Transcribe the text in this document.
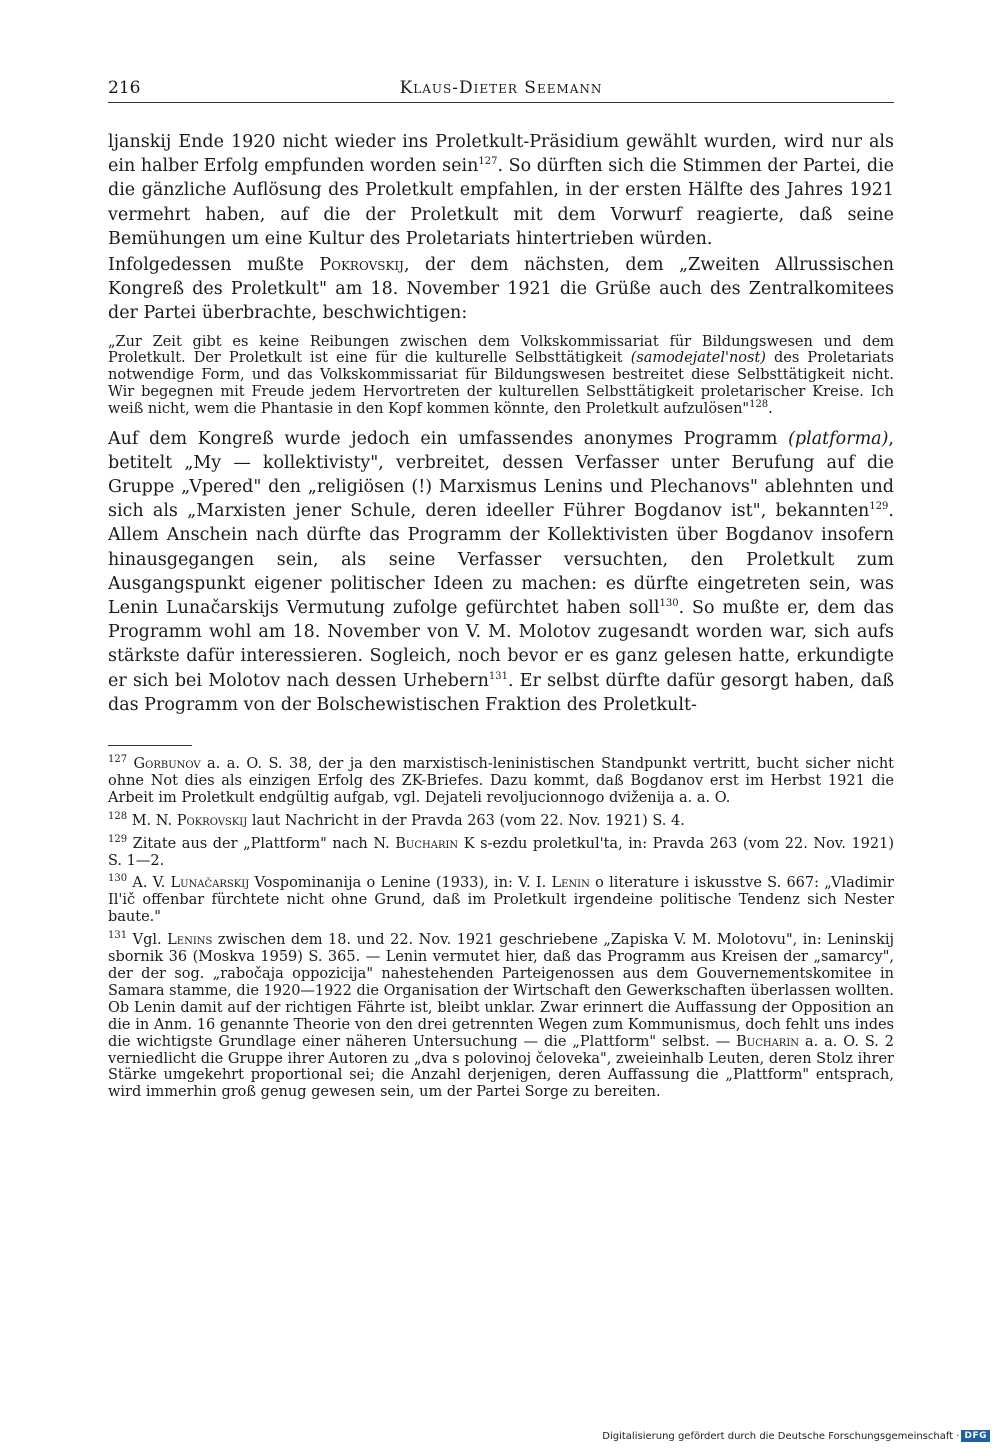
216	Klaus-Dieter Seemann

ljanskij Ende 1920 nicht wieder ins Proletkult-Präsidium gewählt wurden, wird nur als ein halber Erfolg empfunden worden sein$^{127}$. So dürften sich die Stimmen der Partei, die die gänzliche Auflösung des Proletkult empfahlen, in der ersten Hälfte des Jahres 1921 vermehrt haben, auf die der Proletkult mit dem Vorwurf reagierte, daß seine Bemühungen um eine Kultur des Proletariats hintertrieben würden.

Infolgedessen mußte Pokrovskij, der dem nächsten, dem „Zweiten Allrussischen Kongreß des Proletkult" am 18. November 1921 die Grüße auch des Zentralkomitees der Partei überbrachte, beschwichtigen:

„Zur Zeit gibt es keine Reibungen zwischen dem Volkskommissariat für Bildungswesen und dem Proletkult. Der Proletkult ist eine für die kulturelle Selbsttätigkeit (samodejatel'nost) des Proletariats notwendige Form, und das Volkskommissariat für Bildungswesen bestreitet diese Selbsttätigkeit nicht. Wir begegnen mit Freude jedem Hervortreten der kulturellen Selbsttätigkeit proletarischer Kreise. Ich weiß nicht, wem die Phantasie in den Kopf kommen könnte, den Proletkult aufzulösen"$^{128}$.

Auf dem Kongreß wurde jedoch ein umfassendes anonymes Programm (platforma), betitelt „My — kollektivisty", verbreitet, dessen Verfasser unter Berufung auf die Gruppe „Vpered" den „religiösen (!) Marxismus Lenins und Plechanovs" ablehnten und sich als „Marxisten jener Schule, deren ideeller Führer Bogdanov ist", bekannten$^{129}$. Allem Anschein nach dürfte das Programm der Kollektivisten über Bogdanov insofern hinausgegangen sein, als seine Verfasser versuchten, den Proletkult zum Ausgangspunkt eigener politischer Ideen zu machen: es dürfte eingetreten sein, was Lenin Lunačarskijs Vermutung zufolge gefürchtet haben soll$^{130}$. So mußte er, dem das Programm wohl am 18. November von V. M. Molotov zugesandt worden war, sich aufs stärkste dafür interessieren. Sogleich, noch bevor er es ganz gelesen hatte, erkundigte er sich bei Molotov nach dessen Urhebern$^{131}$. Er selbst dürfte dafür gesorgt haben, daß das Programm von der Bolschewistischen Fraktion des Proletkult-

$^{127}$ Gorbunov a. a. O. S. 38, der ja den marxistisch-leninistischen Standpunkt vertritt, bucht sicher nicht ohne Not dies als einzigen Erfolg des ZK-Briefes. Dazu kommt, daß Bogdanov erst im Herbst 1921 die Arbeit im Proletkult endgültig aufgab, vgl. Dejateli revoljucionnogo dviženija a. a. O.

$^{128}$ M. N. Pokrovskij laut Nachricht in der Pravda 263 (vom 22. Nov. 1921) S. 4.

$^{129}$ Zitate aus der „Plattform" nach N. Bucharin K s-ezdu proletkul'ta, in: Pravda 263 (vom 22. Nov. 1921) S. 1—2.

$^{130}$ A. V. Lunačarskij Vospominanija o Lenine (1933), in: V. I. Lenin o literature i iskusstve S. 667: „Vladimir Il'ič offenbar fürchtete nicht ohne Grund, daß im Proletkult irgendeine politische Tendenz sich Nester baute."

$^{131}$ Vgl. Lenins zwischen dem 18. und 22. Nov. 1921 geschriebene „Zapiska V. M. Molotovu", in: Leninskij sbornik 36 (Moskva 1959) S. 365. — Lenin vermutet hier, daß das Programm aus Kreisen der „samarcy", der der sog. „rabočaja oppozicija" nahestehenden Parteigenossen aus dem Gouvernementskomitee in Samara stamme, die 1920—1922 die Organisation der Wirtschaft den Gewerkschaften überlassen wollten. Ob Lenin damit auf der richtigen Fährte ist, bleibt unklar. Zwar erinnert die Auffassung der Opposition an die in Anm. 16 genannte Theorie von den drei getrennten Wegen zum Kommunismus, doch fehlt uns indes die wichtigste Grundlage einer näheren Untersuchung — die „Plattform" selbst. — Bucharin a. a. O. S. 2 verniedlicht die Gruppe ihrer Autoren zu „dva s polovinoj čeloveka", zweieinhalb Leuten, deren Stolz ihrer Stärke umgekehrt proportional sei; die Anzahl derjenigen, deren Auffassung die „Plattform" entsprach, wird immerhin groß genug gewesen sein, um der Partei Sorge zu bereiten.

Digitalisierung gefördert durch die Deutsche Forschungsgemeinschaft · DFG
